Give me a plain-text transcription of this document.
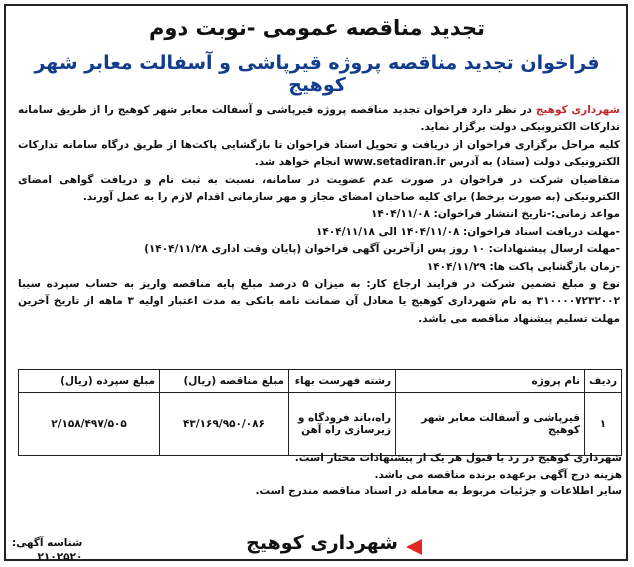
تجدید مناقصه عمومی -نوبت دوم
فراخوان تجدید مناقصه پروژه قیرپاشی و آسفالت معابر شهر کوهیج

شهرداری کوهیج در نظر دارد فراخوان تجدید مناقصه پروژه قیرپاشی و آسفالت معابر شهر کوهیج را از طریق سامانه تدارکات الکترونیکی دولت برگزار نماید.

کلیه مراحل برگزاری فراخوان از دریافت و تحویل اسناد فراخوان تا بازگشایی پاکت‌ها از طریق درگاه سامانه تدارکات الکترونیکی دولت (ستاد) به آدرس www.setadiran.ir انجام خواهد شد.

متقاضیان شرکت در فراخوان در صورت عدم عضویت در سامانه، نسبت به ثبت نام و دریافت گواهی امضای الکترونیکی (به صورت برخط) برای کلیه صاحبان امضای مجاز و مهر سازمانی اقدام لازم را به عمل آورند.

مواعد زمانی:-تاریخ انتشار فراخوان: ۱۴۰۴/۱۱/۰۸

-مهلت دریافت اسناد فراخوان: ۱۴۰۴/۱۱/۰۸ الی ۱۴۰۴/۱۱/۱۸

-مهلت ارسال پیشنهادات: ۱۰ روز پس ازآخرین آگهی فراخوان (پایان وقت اداری ۱۴۰۴/۱۱/۲۸)

-زمان بازگشایی پاکت ها: ۱۴۰۴/۱۱/۲۹

نوع و مبلغ تضمین شرکت در فرایند ارجاع کار: به میزان ۵ درصد مبلغ پایه مناقصه واریز به حساب سپرده سیبا ۳۱۰۰۰۰۷۲۳۲۰۰۲ به نام شهرداری کوهیج یا معادل آن ضمانت نامه بانکی به مدت اعتبار اولیه ۳ ماهه از تاریخ آخرین مهلت تسلیم پیشنهاد مناقصه می باشد.

ردیف	نام پروژه	رشته فهرست بهاء	مبلغ مناقصه (ریال)	مبلغ سپرده (ریال)
۱	قیرپاشی و آسفالت معابر شهر کوهیج	راه،باند فرودگاه و زیرسازی راه آهن	۴۳/۱۶۹/۹۵۰/۰۸۶	۲/۱۵۸/۴۹۷/۵۰۵

شهرداری کوهیج در رد یا قبول هر یک از پیشنهادات مختار است.

هزینه درج آگهی برعهده برنده مناقصه می باشد.

سایر اطلاعات و جزئیات مربوط به معامله در اسناد مناقصه مندرج است.

شهرداری کوهیج
شناسه آگهی:
۲۱۰۲۵۲۰
